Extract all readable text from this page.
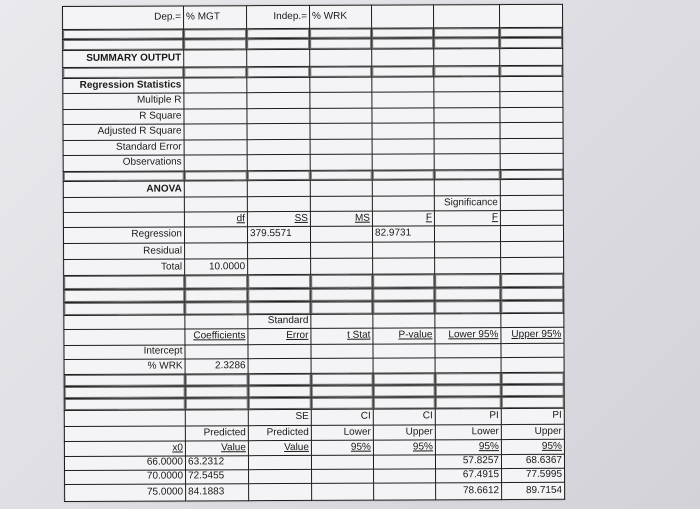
Dep.=	% MGT	Indep.=	% WRK			

SUMMARY OUTPUT						

Regression Statistics						
Multiple R						
R Square						
Adjusted R Square						
Standard Error						
Observations						

ANOVA						
					Significance	
	df	SS	MS	F	F	
Regression		379.5571		82.9731		
Residual						
Total	10.0000					

		Standard				
	Coefficients	Error	t Stat	P-value	Lower 95%	Upper 95%
Intercept						
% WRK	2.3286					

		SE	CI	CI	PI	PI
	Predicted	Predicted	Lower	Upper	Lower	Upper
x0	Value	Value	95%	95%	95%	95%
66.0000	63.2312				57.8257	68.6367
70.0000	72.5455				67.4915	77.5995
75.0000	84.1883				78.6612	89.7154
